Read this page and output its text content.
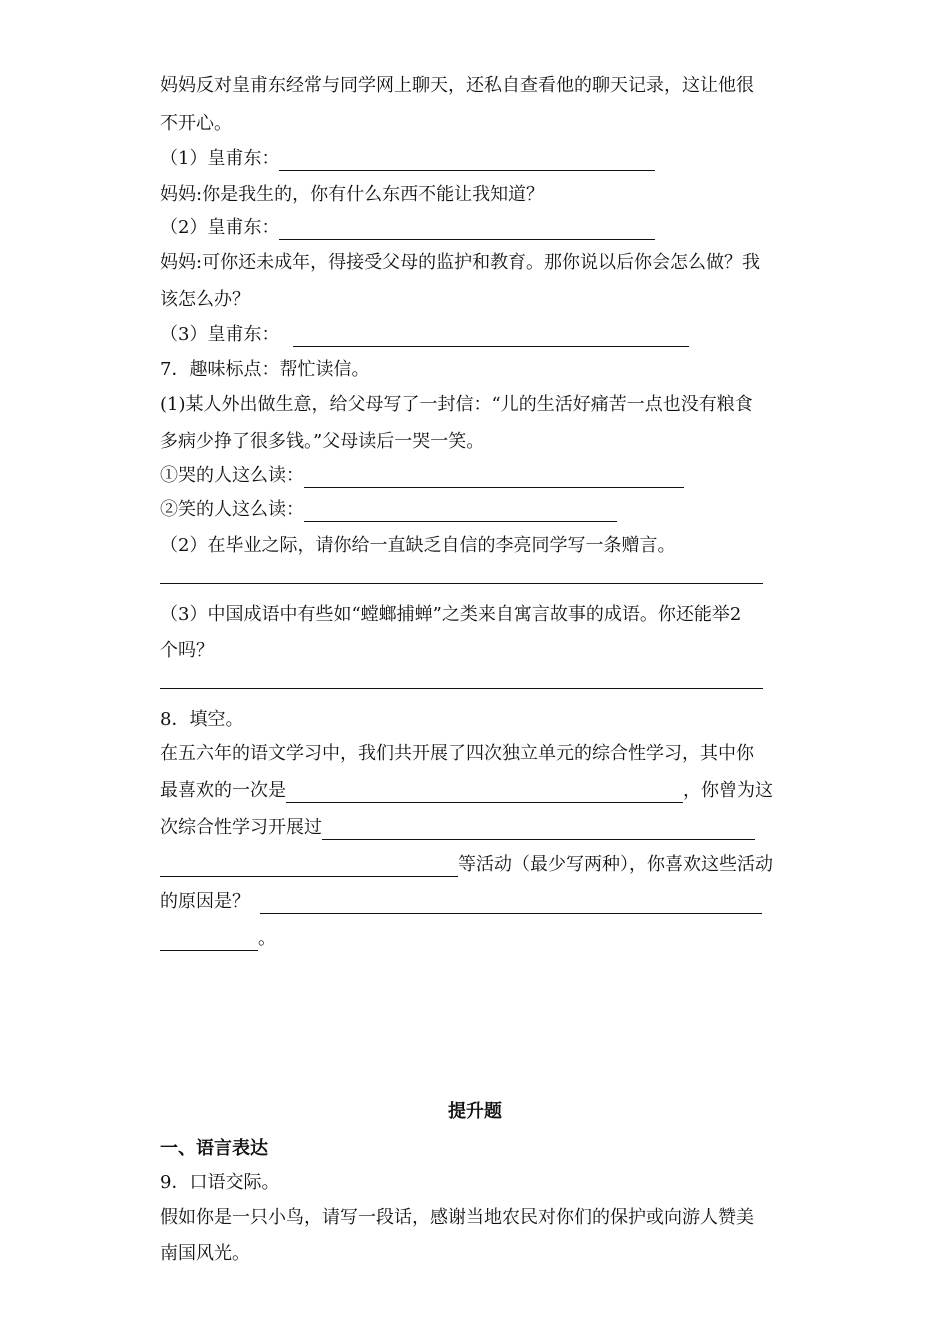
妈妈反对皇甫东经常与同学网上聊天，还私自查看他的聊天记录，这让他很
不开心。
（1）皇甫东：
妈妈:你是我生的，你有什么东西不能让我知道？
（2）皇甫东：
妈妈:可你还未成年，得接受父母的监护和教育。那你说以后你会怎么做？我
该怎么办？
（3）皇甫东：
7．趣味标点：帮忙读信。
(1)某人外出做生意，给父母写了一封信：“儿的生活好痛苦一点也没有粮食
多病少挣了很多钱。”父母读后一哭一笑。
①哭的人这么读：
②笑的人这么读：
（2）在毕业之际，请你给一直缺乏自信的李亮同学写一条赠言。
（3）中国成语中有些如“螳螂捕蝉”之类来自寓言故事的成语。你还能举2
个吗？
8．填空。
在五六年的语文学习中，我们共开展了四次独立单元的综合性学习，其中你
最喜欢的一次是	，你曾为这
次综合性学习开展过
等活动（最少写两种），你喜欢这些活动
的原因是？
。
提升题
一、语言表达
9．口语交际。
假如你是一只小鸟，请写一段话，感谢当地农民对你们的保护或向游人赞美
南国风光。
